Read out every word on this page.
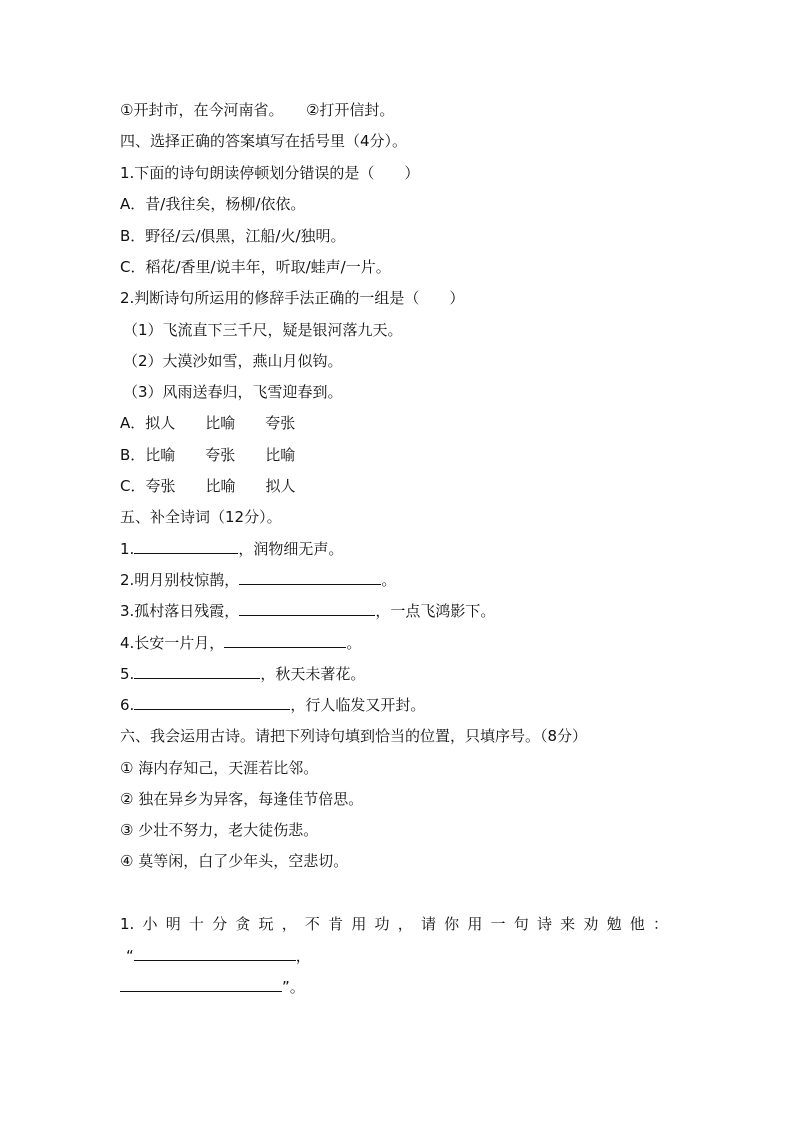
①开封市，在今河南省。　　②打开信封。
四、选择正确的答案填写在括号里（4分）。
1.下面的诗句朗读停顿划分错误的是（　　）
A．昔/我往矣，杨柳/依依。
B．野径/云/俱黑，江船/火/独明。
C．稻花/香里/说丰年，听取/蛙声/一片。
2.判断诗句所运用的修辞手法正确的一组是（　　）
（1）飞流直下三千尺，疑是银河落九天。
（2）大漠沙如雪，燕山月似钩。
（3）风雨送春归，飞雪迎春到。
A．拟人　　比喻　　夸张
B．比喻　　夸张　　比喻
C．夸张　　比喻　　拟人
五、补全诗词（12分）。
1.	，润物细无声。
2.明月别枝惊鹊，	。
3.孤村落日残霞，	，一点飞鸿影下。
4.长安一片月，	。
5.	，秋天未著花。
6.	，行人临发又开封。
六、我会运用古诗。请把下列诗句填到恰当的位置，只填序号。（8分）
① 海内存知己，天涯若比邻。
② 独在异乡为异客，每逢佳节倍思。
③ 少壮不努力，老大徒伤悲。
④ 莫等闲，白了少年头，空悲切。
1. 小 明 十 分 贪 玩 ， 不 肯 用 功 ， 请 你 用 一 句 诗 来 劝 勉 他 ：
“	，
”。
